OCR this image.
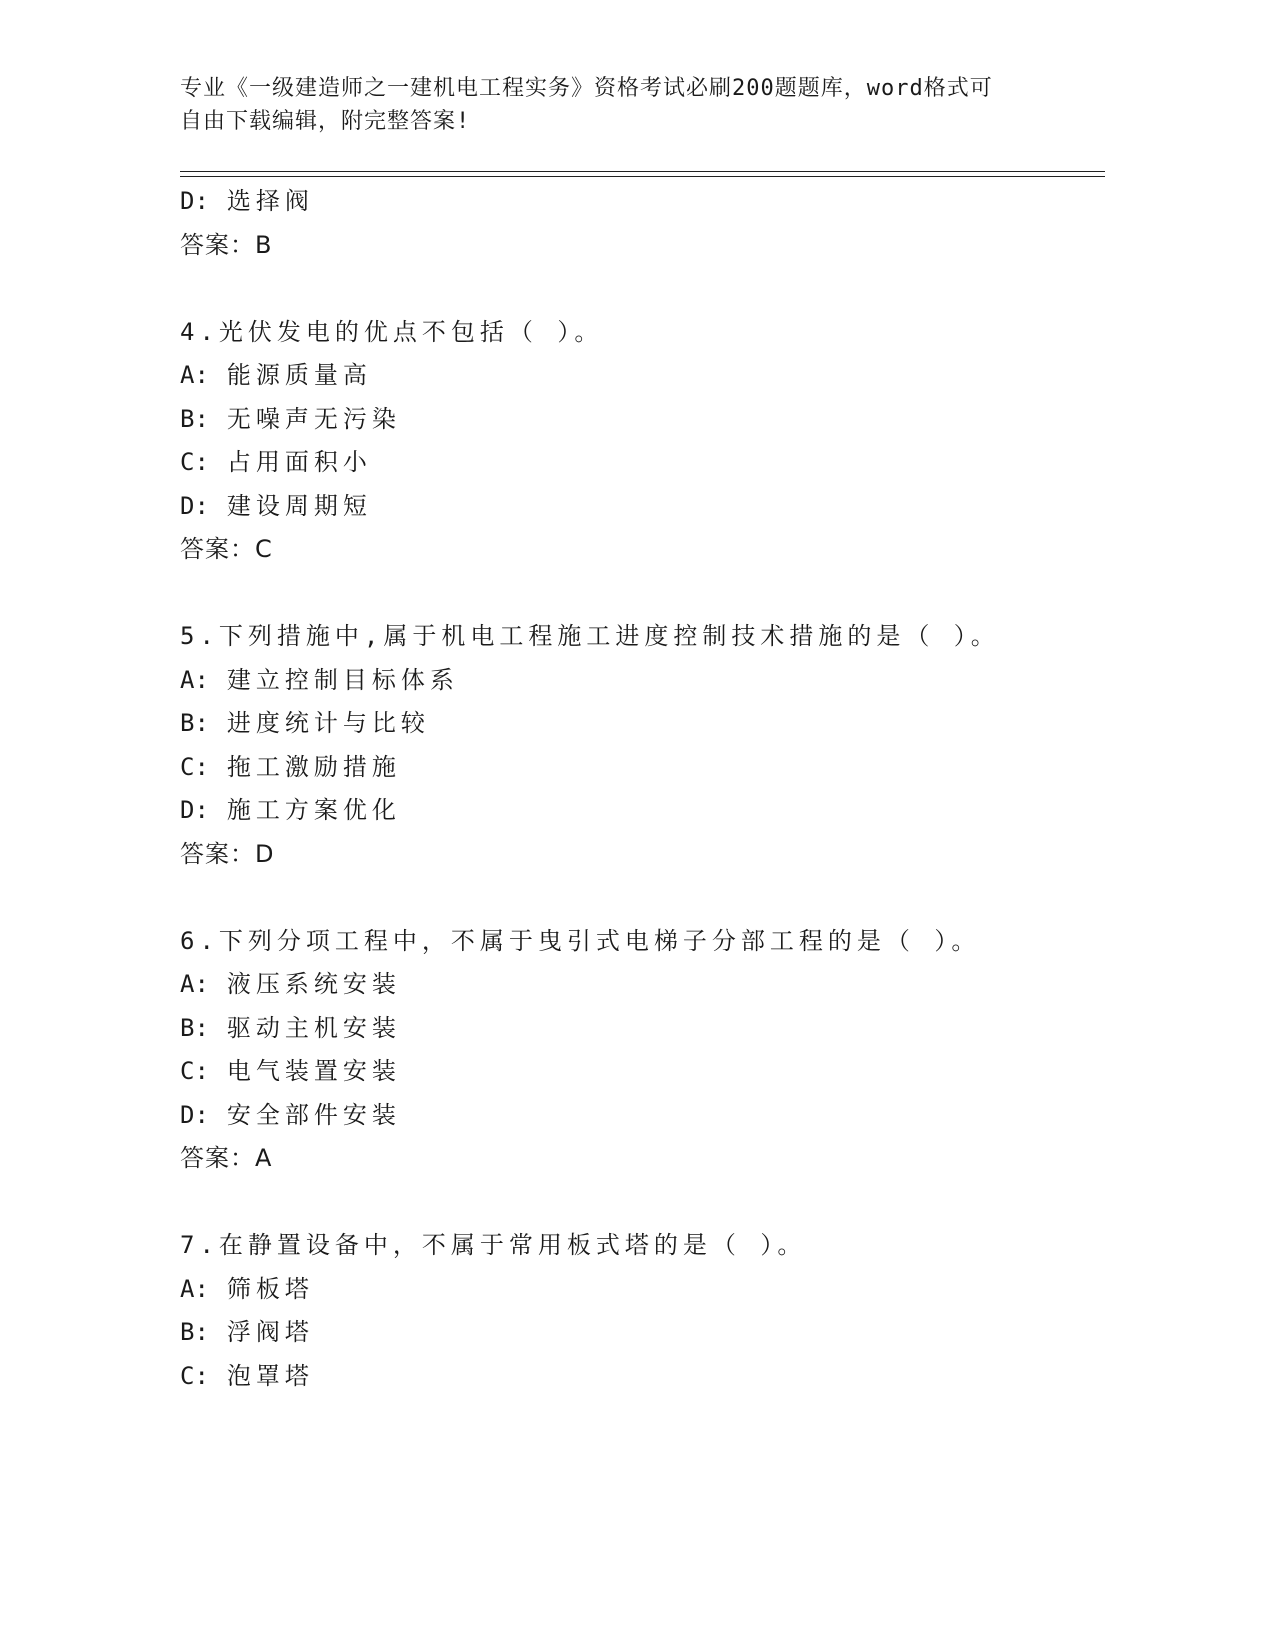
专业《一级建造师之一建机电工程实务》资格考试必刷200题题库，word格式可
自由下载编辑，附完整答案!
D: 选择阀
答案：B
4.光伏发电的优点不包括（ ）。
A: 能源质量高
B: 无噪声无污染
C: 占用面积小
D: 建设周期短
答案：C
5.下列措施中,属于机电工程施工进度控制技术措施的是（ ）。
A: 建立控制目标体系
B: 进度统计与比较
C: 拖工激励措施
D: 施工方案优化
答案：D
6.下列分项工程中，不属于曳引式电梯子分部工程的是（ ）。
A: 液压系统安装
B: 驱动主机安装
C: 电气装置安装
D: 安全部件安装
答案：A
7.在静置设备中，不属于常用板式塔的是（ ）。
A: 筛板塔
B: 浮阀塔
C: 泡罩塔
